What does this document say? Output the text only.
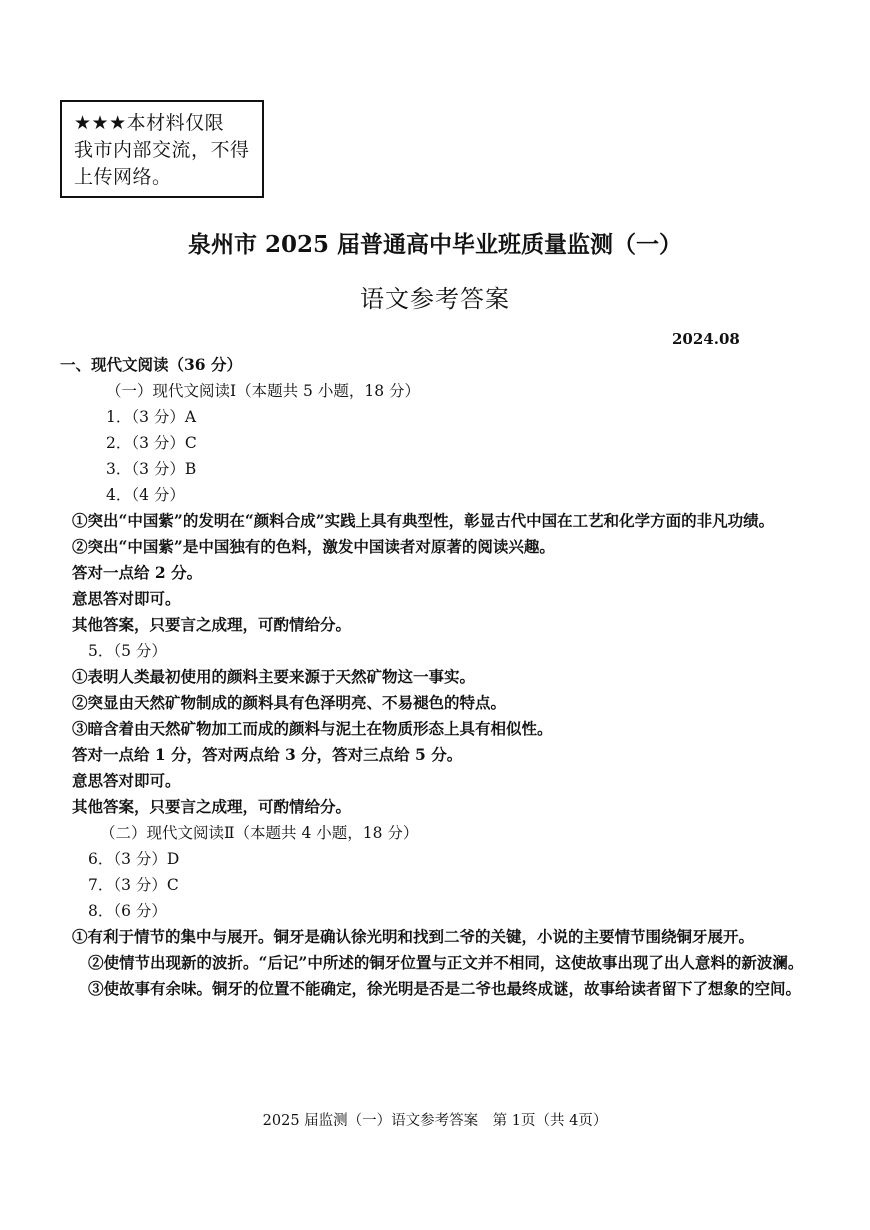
★★★本材料仅限
我市内部交流，不得
上传网络。
泉州市 2025 届普通高中毕业班质量监测（一）
语文参考答案
2024.08

一、现代文阅读（36 分）

（一）现代文阅读Ⅰ（本题共 5 小题，18 分）

1．（3 分）A

2．（3 分）C

3．（3 分）B

4．（4 分）

①突出“中国紫”的发明在“颜料合成”实践上具有典型性，彰显古代中国在工艺和化学方面的非凡功绩。

②突出“中国紫”是中国独有的色料，激发中国读者对原著的阅读兴趣。

答对一点给 2 分。

意思答对即可。

其他答案，只要言之成理，可酌情给分。

5．（5 分）

①表明人类最初使用的颜料主要来源于天然矿物这一事实。

②突显由天然矿物制成的颜料具有色泽明亮、不易褪色的特点。

③暗含着由天然矿物加工而成的颜料与泥土在物质形态上具有相似性。

答对一点给 1 分，答对两点给 3 分，答对三点给 5 分。

意思答对即可。

其他答案，只要言之成理，可酌情给分。

（二）现代文阅读Ⅱ（本题共 4 小题，18 分）

6．（3 分）D

7．（3 分）C

8．（6 分）

①有利于情节的集中与展开。铜牙是确认徐光明和找到二爷的关键，小说的主要情节围绕铜牙展开。

②使情节出现新的波折。“后记”中所述的铜牙位置与正文并不相同，这使故事出现了出人意料的新波澜。

③使故事有余味。铜牙的位置不能确定，徐光明是否是二爷也最终成谜，故事给读者留下了想象的空间。

2025 届监测（一）语文参考答案　第 1页（共 4页）
